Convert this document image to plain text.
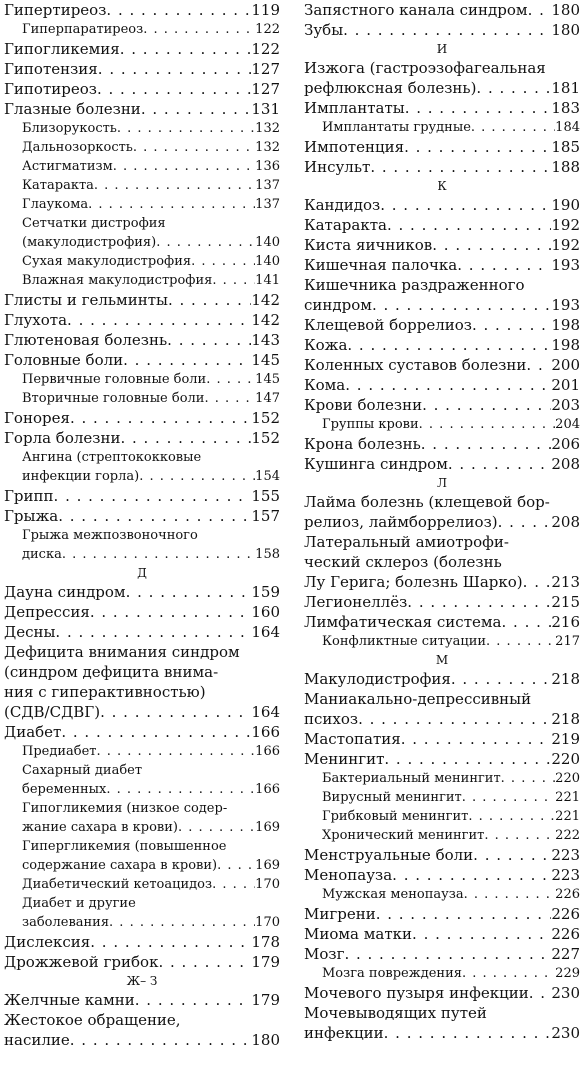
Гипертиреоз . . .	119
Гиперпаратиреоз . . .	122
Гипогликемия . . .	122
Гипотензия . . .	127
Гипотиреоз . . .	127
Глазные болезни . . .	131
Близорукость . . .	132
Дальнозоркость . . .	132
Астигматизм . . .	136
Катаракта . . .	137
Глаукома . . .	137
Сетчатки дистрофия
(макулодистрофия) . . .	140
Сухая макулодистрофия . . .	140
Влажная макулодистрофия . . .	141
Глисты и гельминты . . .	142
Глухота . . .	142
Глютеновая болезнь . . .	143
Головные боли . . .	145
Первичные головные боли . . .	145
Вторичные головные боли . . .	147
Гонорея . . .	152
Горла болезни . . .	152
Ангина (стрептококковые
инфекции горла) . . .	154
Грипп . . .	155
Грыжа . . .	157
Грыжа межпозвоночного
диска . . .	158
Д
Дауна синдром . . .	159
Депрессия . . .	160
Десны . . .	164
Дефицита внимания синдром
(синдром дефицита внима-
ния с гиперактивностью)
(СДВ/СДВГ) . . .	164
Диабет . . .	166
Предиабет . . .	166
Сахарный диабет
беременных . . .	166
Гипогликемия (низкое содер-
жание сахара в крови) . . .	169
Гипергликемия (повышенное
содержание сахара в крови) . . .	169
Диабетический кетоацидоз . . .	170
Диабет и другие
заболевания . . .	170
Дислексия . . .	178
Дрожжевой грибок . . .	179
Ж– З
Желчные камни . . .	179
Жестокое обращение,
насилие . . .	180
Запястного канала синдром . . . 180
Зубы . . .	180
И
Изжога (гастроэзофагеальная
рефлюксная болезнь) . . .	181
Имплантаты . . .	183
Имплантаты грудные . . .	184
Импотенция . . .	185
Инсульт . . .	188
К
Кандидоз . . .	190
Катаракта . . .	192
Киста яичников . . .	192
Кишечная палочка . . .	193
Кишечника раздраженного
синдром . . .	193
Клещевой боррелиоз . . .	198
Кожа . . .	198
Коленных суставов болезни . . . 200
Кома . . .	201
Крови болезни . . .	203
Группы крови . . .	204
Крона болезнь . . .	206
Кушинга синдром . . .	208
Л
Лайма болезнь (клещевой бор-
релиоз, лаймборрелиоз) . . .	208
Латеральный амиотрофи-
ческий склероз (болезнь
Лу Герига; болезнь Шарко) . . . 213
Легионеллёз . . .	215
Лимфатическая система . . .	216
Конфликтные ситуации . . .	217
М
Макулодистрофия . . .	218
Маниакально-депрессивный
психоз . . .	218
Мастопатия . . .	219
Менингит . . .	220
Бактериальный менингит . . .	220
Вирусный менингит . . .	221
Грибковый менингит . . .	221
Хронический менингит . . .	222
Менструальные боли . . .	223
Менопауза . . .	223
Мужская менопауза . . .	226
Мигрени . . .	226
Миома матки . . .	226
Мозг . . .	227
Мозга повреждения . . .	229
Мочевого пузыря инфекции . . . 230
Мочевыводящих путей
инфекции . . .	230
